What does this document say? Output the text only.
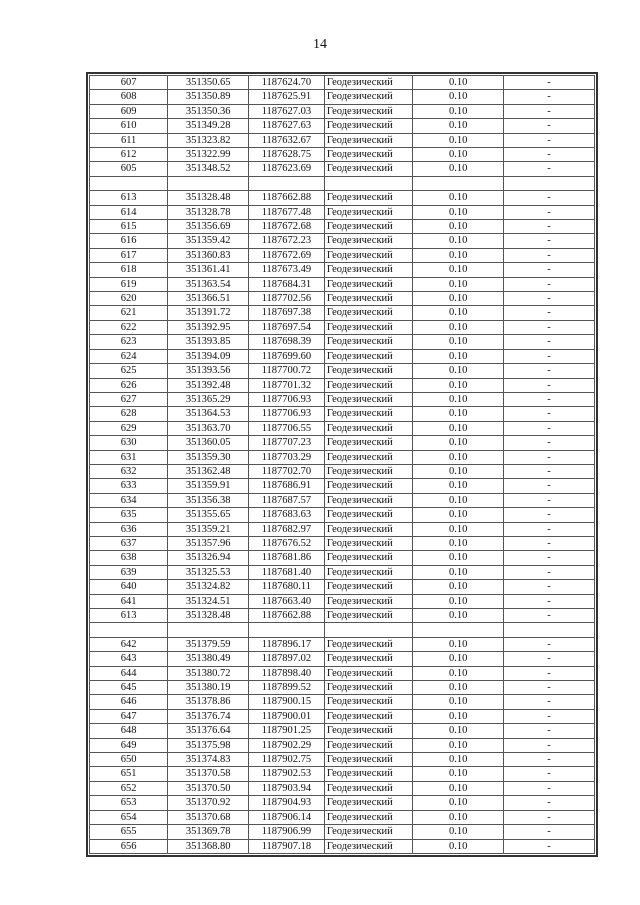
14
607	351350.65	1187624.70	Геодезический	0.10	-
608	351350.89	1187625.91	Геодезический	0.10	-
609	351350.36	1187627.03	Геодезический	0.10	-
610	351349.28	1187627.63	Геодезический	0.10	-
611	351323.82	1187632.67	Геодезический	0.10	-
612	351322.99	1187628.75	Геодезический	0.10	-
605	351348.52	1187623.69	Геодезический	0.10	-

613	351328.48	1187662.88	Геодезический	0.10	-
614	351328.78	1187677.48	Геодезический	0.10	-
615	351356.69	1187672.68	Геодезический	0.10	-
616	351359.42	1187672.23	Геодезический	0.10	-
617	351360.83	1187672.69	Геодезический	0.10	-
618	351361.41	1187673.49	Геодезический	0.10	-
619	351363.54	1187684.31	Геодезический	0.10	-
620	351366.51	1187702.56	Геодезический	0.10	-
621	351391.72	1187697.38	Геодезический	0.10	-
622	351392.95	1187697.54	Геодезический	0.10	-
623	351393.85	1187698.39	Геодезический	0.10	-
624	351394.09	1187699.60	Геодезический	0.10	-
625	351393.56	1187700.72	Геодезический	0.10	-
626	351392.48	1187701.32	Геодезический	0.10	-
627	351365.29	1187706.93	Геодезический	0.10	-
628	351364.53	1187706.93	Геодезический	0.10	-
629	351363.70	1187706.55	Геодезический	0.10	-
630	351360.05	1187707.23	Геодезический	0.10	-
631	351359.30	1187703.29	Геодезический	0.10	-
632	351362.48	1187702.70	Геодезический	0.10	-
633	351359.91	1187686.91	Геодезический	0.10	-
634	351356.38	1187687.57	Геодезический	0.10	-
635	351355.65	1187683.63	Геодезический	0.10	-
636	351359.21	1187682.97	Геодезический	0.10	-
637	351357.96	1187676.52	Геодезический	0.10	-
638	351326.94	1187681.86	Геодезический	0.10	-
639	351325.53	1187681.40	Геодезический	0.10	-
640	351324.82	1187680.11	Геодезический	0.10	-
641	351324.51	1187663.40	Геодезический	0.10	-
613	351328.48	1187662.88	Геодезический	0.10	-

642	351379.59	1187896.17	Геодезический	0.10	-
643	351380.49	1187897.02	Геодезический	0.10	-
644	351380.72	1187898.40	Геодезический	0.10	-
645	351380.19	1187899.52	Геодезический	0.10	-
646	351378.86	1187900.15	Геодезический	0.10	-
647	351376.74	1187900.01	Геодезический	0.10	-
648	351376.64	1187901.25	Геодезический	0.10	-
649	351375.98	1187902.29	Геодезический	0.10	-
650	351374.83	1187902.75	Геодезический	0.10	-
651	351370.58	1187902.53	Геодезический	0.10	-
652	351370.50	1187903.94	Геодезический	0.10	-
653	351370.92	1187904.93	Геодезический	0.10	-
654	351370.68	1187906.14	Геодезический	0.10	-
655	351369.78	1187906.99	Геодезический	0.10	-
656	351368.80	1187907.18	Геодезический	0.10	-
